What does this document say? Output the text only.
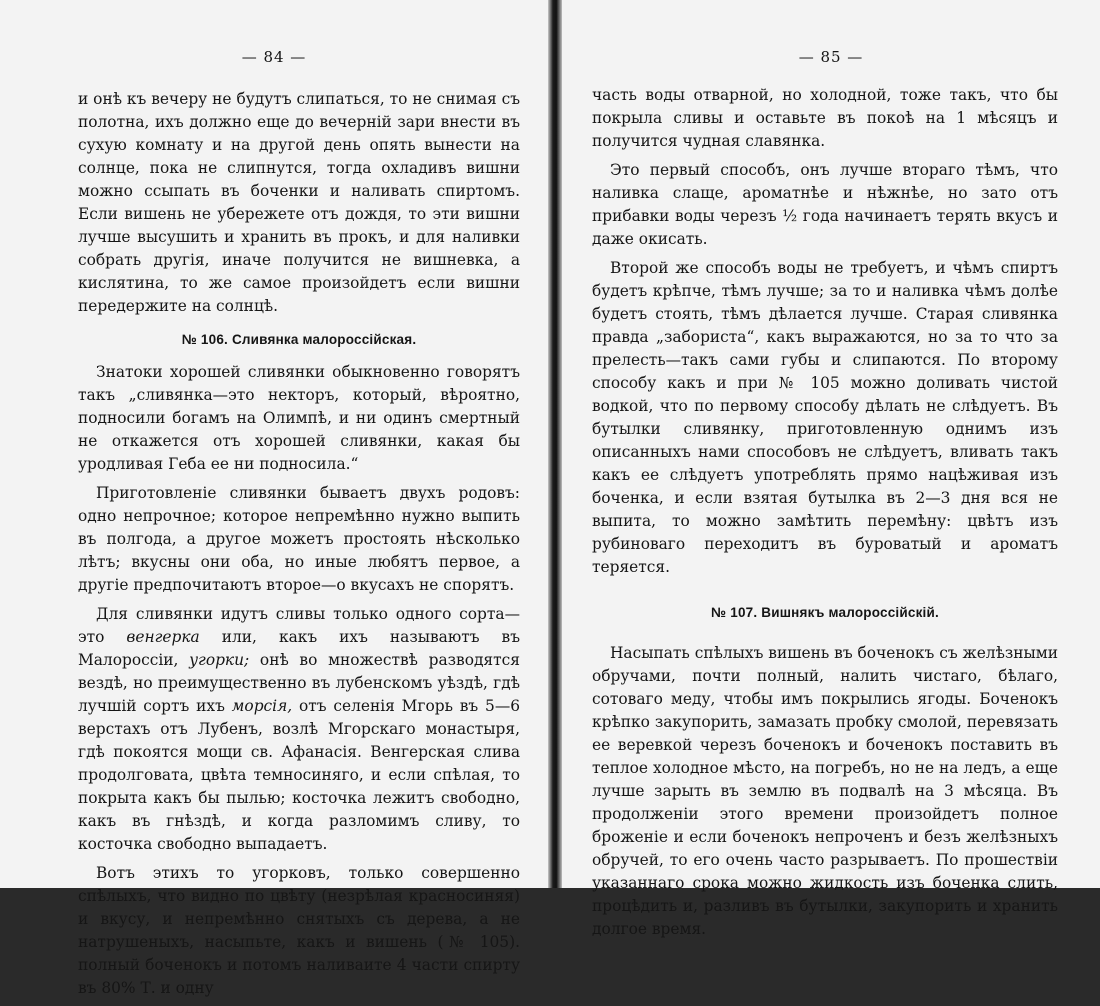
— 84 —

и онѣ къ вечеру не будутъ слипаться, то не снимая съ полотна, ихъ должно еще до вечерній зари внести въ сухую комнату и на другой день опять вынести на солнце, пока не слипнутся, тогда охладивъ вишни можно ссыпать въ боченки и наливать спиртомъ. Если вишень не убережете отъ дождя, то эти вишни лучше высушить и хранить въ прокъ, и для наливки собрать другія, иначе получится не вишневка, а кислятина, то же самое произойдетъ если вишни передержите на солнцѣ.

№ 106. Сливянка малороссійская.

Знатоки хорошей сливянки обыкновенно говорятъ такъ „сливянка—это некторъ, который, вѣроятно, подносили богамъ на Олимпѣ, и ни одинъ смертный не откажется отъ хорошей сливянки, какая бы уродливая Геба ее ни подносила.“

Приготовленіе сливянки бываетъ двухъ родовъ: одно непрочное; которое непремѣнно нужно выпить въ полгода, а другое можетъ простоять нѣсколько лѣтъ; вкусны они оба, но иные любятъ первое, а другіе предпочитаютъ второе—о вкусахъ не спорятъ.

Для сливянки идутъ сливы только одного сорта—это венгерка или, какъ ихъ называютъ въ Малороссіи, угорки; онѣ во множествѣ разводятся вездѣ, но преимущественно въ лубенскомъ уѣздѣ, гдѣ лучшій сортъ ихъ морсія, отъ селенія Мгорь въ 5—6 верстахъ отъ Лубенъ, возлѣ Мгорскаго монастыря, гдѣ покоятся мощи св. Афанасія. Венгерская слива продолговата, цвѣта темносиняго, и если спѣлая, то покрыта какъ бы пылью; косточка лежитъ свободно, какъ въ гнѣздѣ, и когда разломимъ сливу, то косточка свободно выпадаетъ.

Вотъ этихъ то угорковъ, только совершенно спѣлыхъ, что видно по цвѣту (незрѣлая красносиняя) и вкусу, и непремѣнно снятыхъ съ дерева, а не натрушеныхъ, насыпьте, какъ и вишень (№ 105). полный боченокъ и потомъ наливаите 4 части спирту въ 80% Т. и одну

— 85 —

часть воды отварной, но холодной, тоже такъ, что бы покрыла сливы и оставьте въ покоѣ на 1 мѣсяцъ и получится чудная славянка.

Это первый способъ, онъ лучше втораго тѣмъ, что наливка слаще, ароматнѣе и нѣжнѣе, но зато отъ прибавки воды черезъ ½ года начинаетъ терять вкусъ и даже окисать.

Второй же способъ воды не требуетъ, и чѣмъ спиртъ будетъ крѣпче, тѣмъ лучше; за то и наливка чѣмъ долѣе будетъ стоять, тѣмъ дѣлается лучше. Старая сливянка правда „забориста“, какъ выражаются, но за то что за прелесть—такъ сами губы и слипаются. По второму способу какъ и при № 105 можно доливать чистой водкой, что по первому способу дѣлать не слѣдуетъ. Въ бутылки сливянку, приготовленную однимъ изъ описанныхъ нами способовъ не слѣдуетъ, вливать такъ какъ ее слѣдуетъ употреблять прямо нацѣживая изъ боченка, и если взятая бутылка въ 2—3 дня вся не выпита, то можно замѣтить перемѣну: цвѣтъ изъ рубиноваго переходитъ въ буроватый и ароматъ теряется.

№ 107. Вишнякъ малороссійскій.

Насыпать спѣлыхъ вишень въ боченокъ съ желѣзными обручами, почти полный, налить чистаго, бѣлаго, сотоваго меду, чтобы имъ покрылись ягоды. Боченокъ крѣпко закупорить, замазать пробку смолой, перевязать ее веревкой черезъ боченокъ и боченокъ поставить въ теплое холодное мѣсто, на погребъ, но не на ледъ, а еще лучше зарыть въ землю въ подвалѣ на 3 мѣсяца. Въ продолженіи этого времени произойдетъ полное броженіе и если боченокъ непроченъ и безъ желѣзныхъ обручей, то его очень часто разрываетъ. По прошествіи указаннаго срока можно жидкость изъ боченка слить, процѣдить и, разливъ въ бутылки, закупорить и хранить долгое время.
